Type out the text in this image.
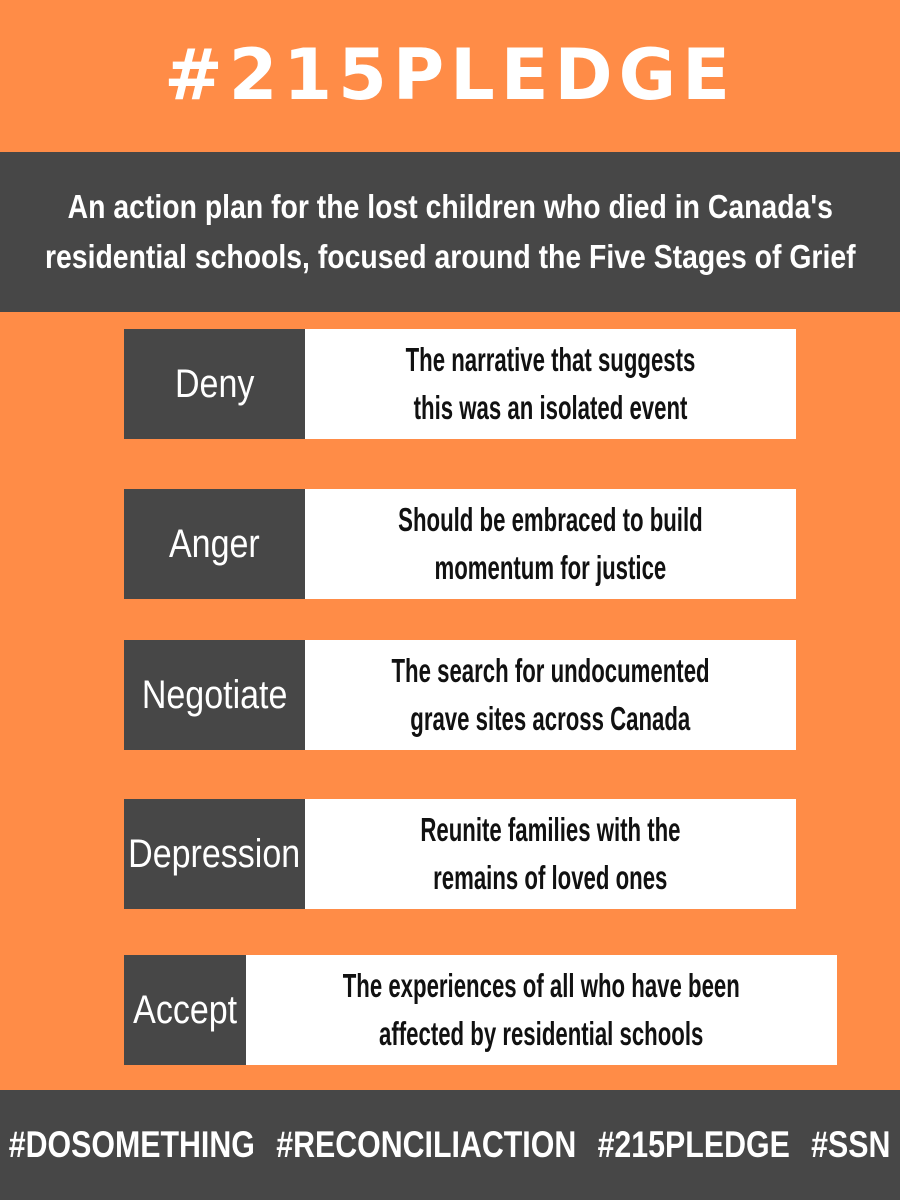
#215PLEDGE
An action plan for the lost children who died in Canada's
residential schools, focused around the Five Stages of Grief
Deny
The narrative that suggests
this was an isolated event
Anger
Should be embraced to build
momentum for justice
Negotiate
The search for undocumented
grave sites across Canada
Depression
Reunite families with the
remains of loved ones
Accept
The experiences of all who have been
affected by residential schools
#DOSOMETHING #RECONCILIACTION #215PLEDGE #SSN
